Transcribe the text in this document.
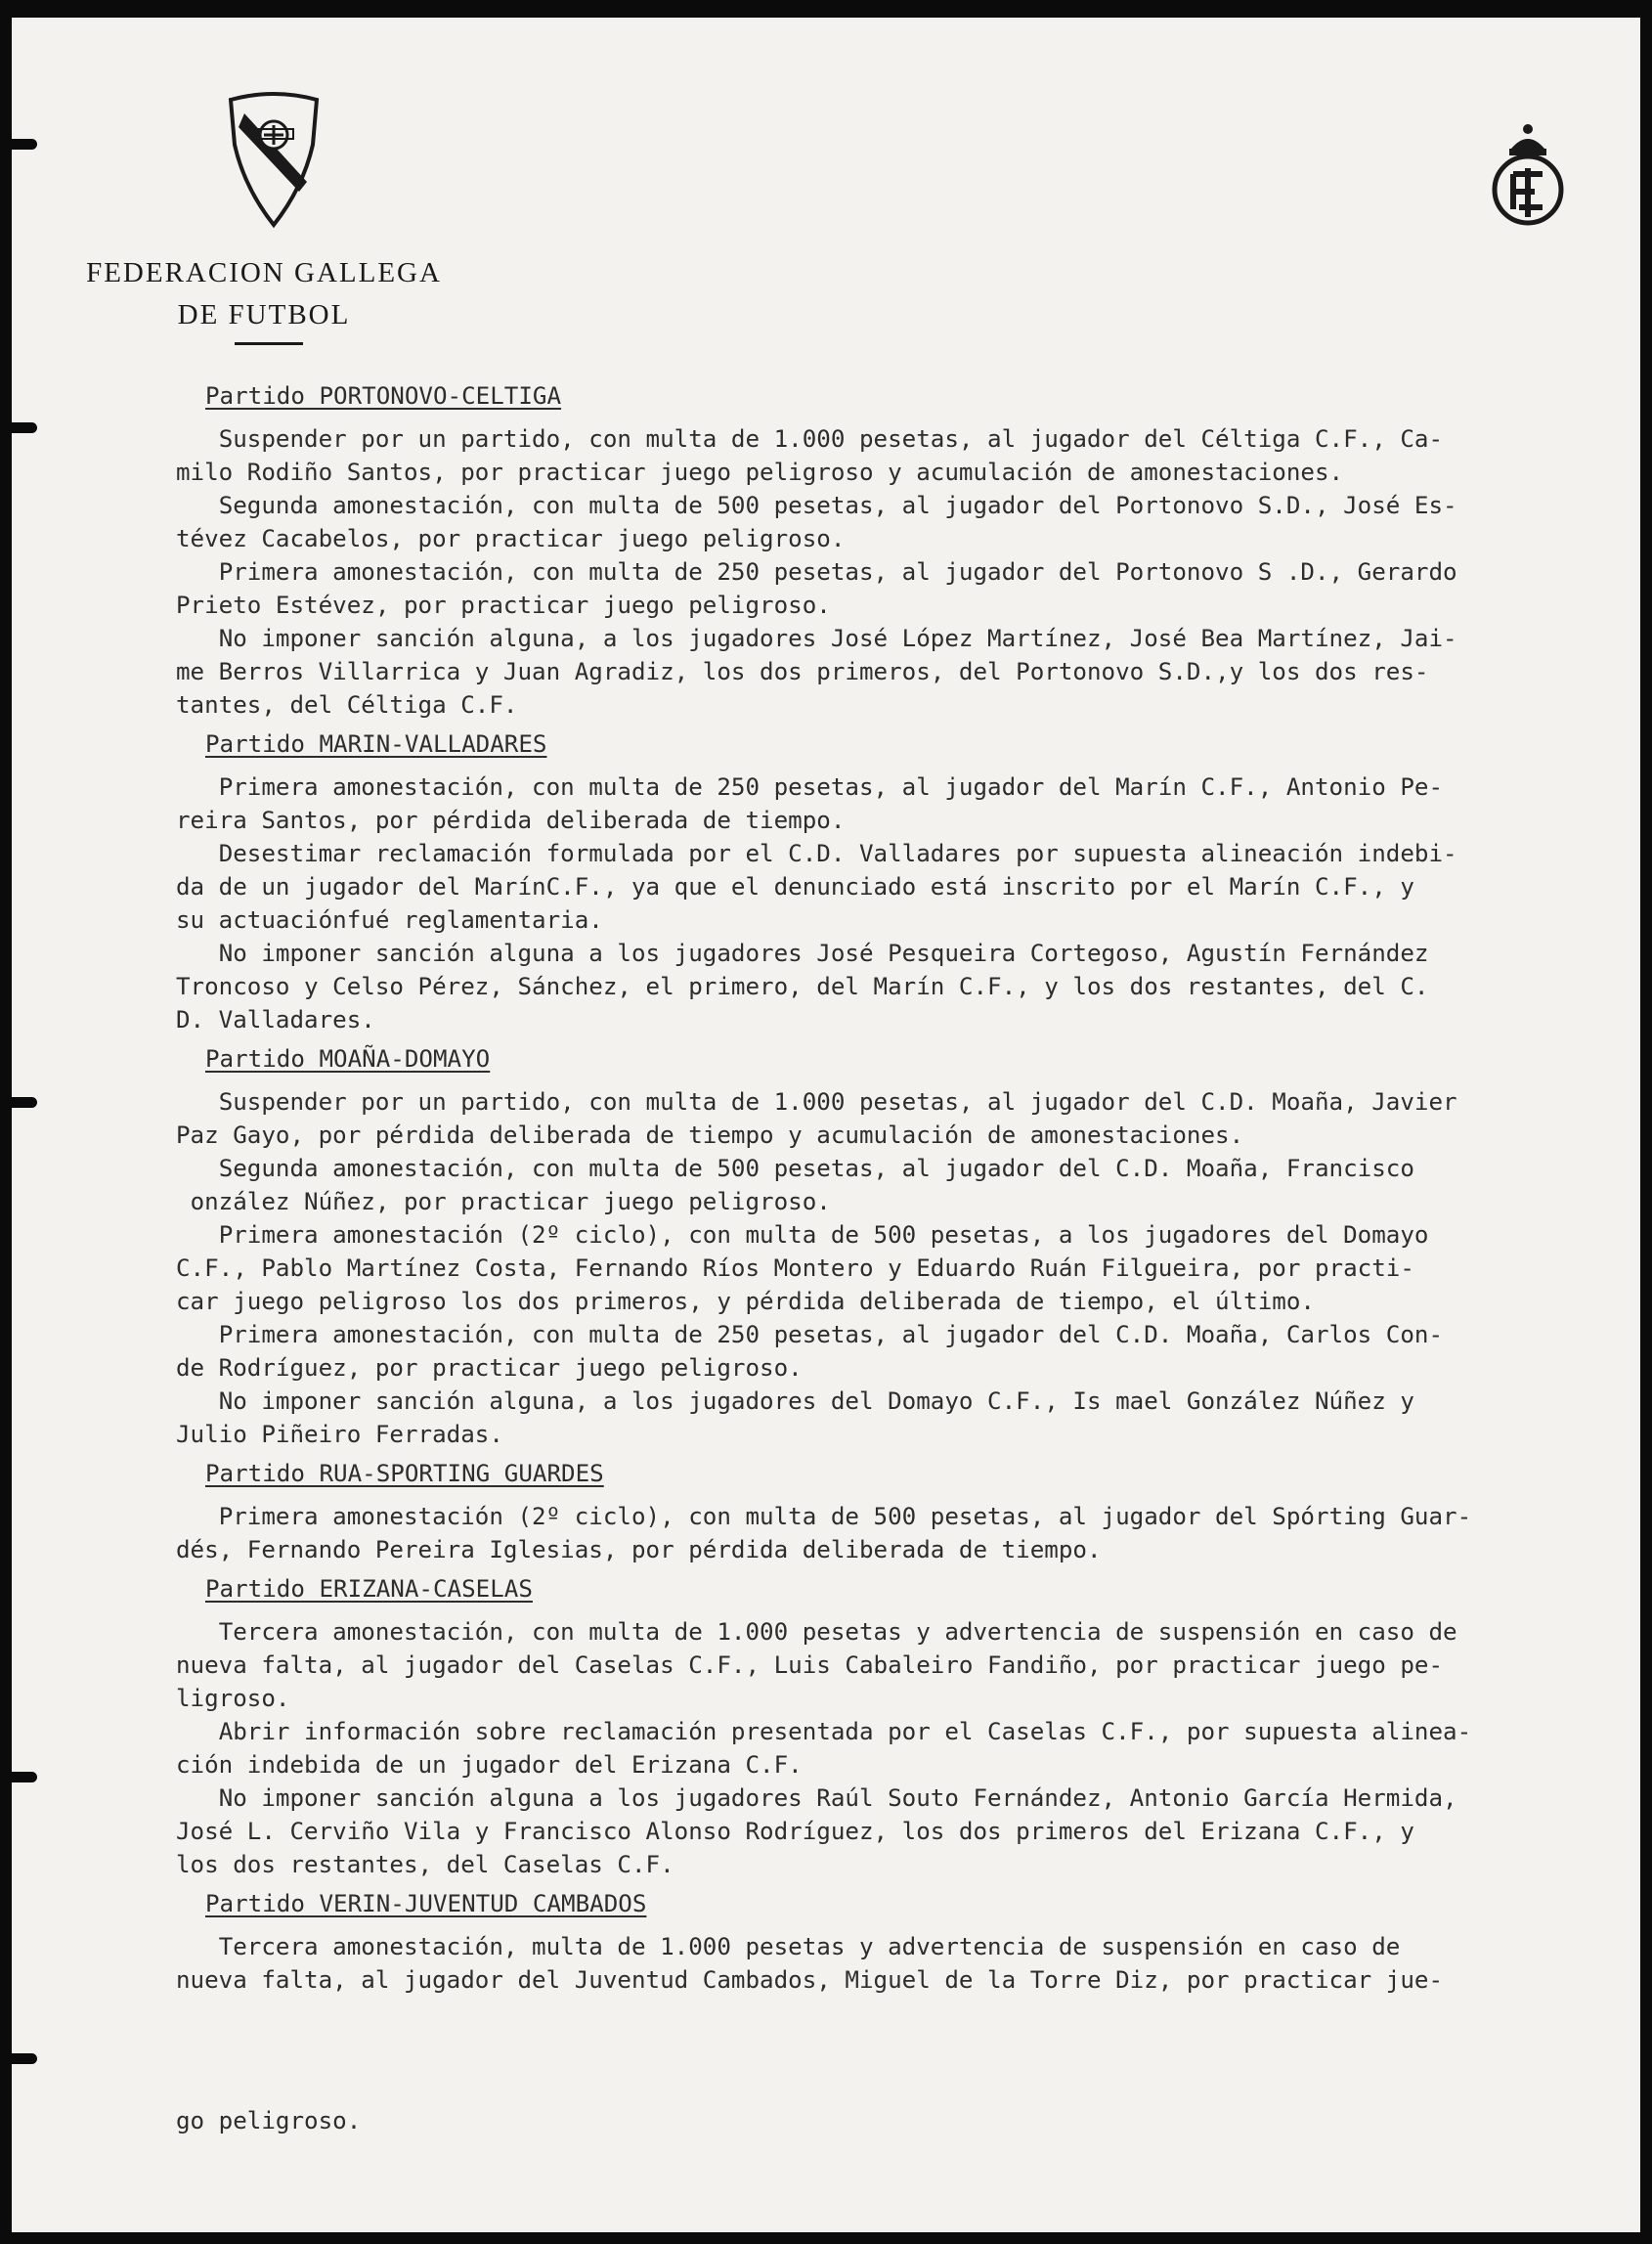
FEDERACION GALLEGA
DE FUTBOL
Partido PORTONOVO-CELTIGA

Suspender por un partido, con multa de 1.000 pesetas, al jugador del Céltiga C.F., Ca-
milo Rodiño Santos, por practicar juego peligroso y acumulación de amonestaciones.

Segunda amonestación, con multa de 500 pesetas, al jugador del Portonovo S.D., José Es-
tévez Cacabelos, por practicar juego peligroso.

Primera amonestación, con multa de 250 pesetas, al jugador del Portonovo S .D., Gerardo
Prieto Estévez, por practicar juego peligroso.

No imponer sanción alguna, a los jugadores José López Martínez, José Bea Martínez, Jai-
me Berros Villarrica y Juan Agradiz, los dos primeros, del Portonovo S.D.,y los dos res-
tantes, del Céltiga C.F.

Partido MARIN-VALLADARES

Primera amonestación, con multa de 250 pesetas, al jugador del Marín C.F., Antonio Pe-
reira Santos, por pérdida deliberada de tiempo.

Desestimar reclamación formulada por el C.D. Valladares por supuesta alineación indebi-
da de un jugador del MarínC.F., ya que el denunciado está inscrito por el Marín C.F., y
su actuaciónfué reglamentaria.

No imponer sanción alguna a los jugadores José Pesqueira Cortegoso, Agustín Fernández
Troncoso y Celso Pérez, Sánchez, el primero, del Marín C.F., y los dos restantes, del C.
D. Valladares.

Partido MOAÑA-DOMAYO

Suspender por un partido, con multa de 1.000 pesetas, al jugador del C.D. Moaña, Javier
Paz Gayo, por pérdida deliberada de tiempo y acumulación de amonestaciones.

Segunda amonestación, con multa de 500 pesetas, al jugador del C.D. Moaña, Francisco
onzález Núñez, por practicar juego peligroso.

Primera amonestación (2º ciclo), con multa de 500 pesetas, a los jugadores del Domayo
C.F., Pablo Martínez Costa, Fernando Ríos Montero y Eduardo Ruán Filgueira, por practi-
car juego peligroso los dos primeros, y pérdida deliberada de tiempo, el último.

Primera amonestación, con multa de 250 pesetas, al jugador del C.D. Moaña, Carlos Con-
de Rodríguez, por practicar juego peligroso.

No imponer sanción alguna, a los jugadores del Domayo C.F., Is mael González Núñez y
Julio Piñeiro Ferradas.

Partido RUA-SPORTING GUARDES

Primera amonestación (2º ciclo), con multa de 500 pesetas, al jugador del Spórting Guar-
dés, Fernando Pereira Iglesias, por pérdida deliberada de tiempo.

Partido ERIZANA-CASELAS

Tercera amonestación, con multa de 1.000 pesetas y advertencia de suspensión en caso de
nueva falta, al jugador del Caselas C.F., Luis Cabaleiro Fandiño, por practicar juego pe-
ligroso.

Abrir información sobre reclamación presentada por el Caselas C.F., por supuesta alinea-
ción indebida de un jugador del Erizana C.F.

No imponer sanción alguna a los jugadores Raúl Souto Fernández, Antonio García Hermida,
José L. Cerviño Vila y Francisco Alonso Rodríguez, los dos primeros del Erizana C.F., y
los dos restantes, del Caselas C.F.

Partido VERIN-JUVENTUD CAMBADOS

Tercera amonestación, multa de 1.000 pesetas y advertencia de suspensión en caso de
nueva falta, al jugador del Juventud Cambados, Miguel de la Torre Diz, por practicar jue-

go peligroso.
